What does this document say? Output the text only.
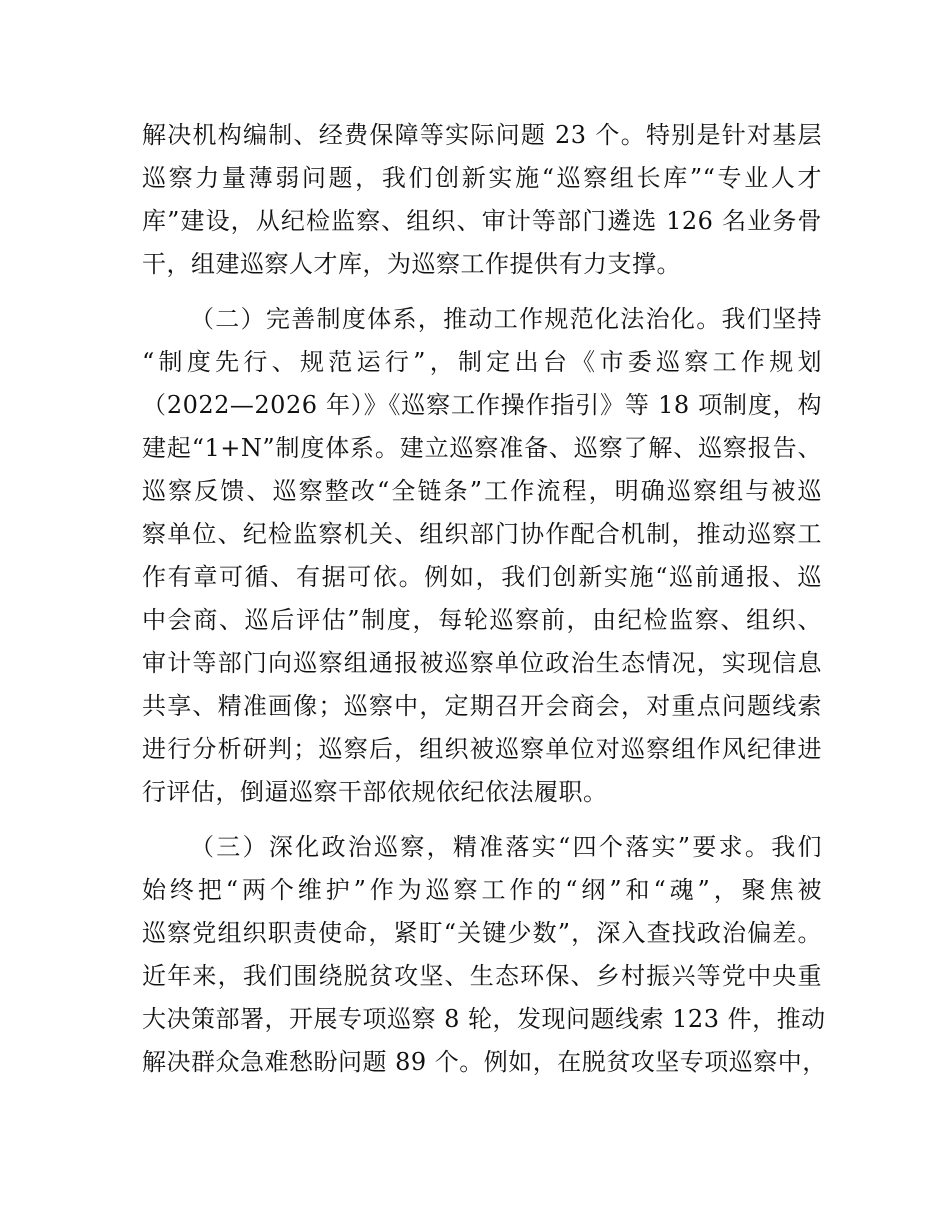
解决机构编制、经费保障等实际问题 23 个。特别是针对基层
巡察力量薄弱问题，我们创新实施“巡察组长库”“专业人才
库”建设，从纪检监察、组织、审计等部门遴选 126 名业务骨
干，组建巡察人才库，为巡察工作提供有力支撑。
（二）完善制度体系，推动工作规范化法治化。我们坚持
“制度先行、规范运行”，制定出台《市委巡察工作规划
（2022—2026 年）》《巡察工作操作指引》等 18 项制度，构
建起“1+N”制度体系。建立巡察准备、巡察了解、巡察报告、
巡察反馈、巡察整改“全链条”工作流程，明确巡察组与被巡
察单位、纪检监察机关、组织部门协作配合机制，推动巡察工
作有章可循、有据可依。例如，我们创新实施“巡前通报、巡
中会商、巡后评估”制度，每轮巡察前，由纪检监察、组织、
审计等部门向巡察组通报被巡察单位政治生态情况，实现信息
共享、精准画像；巡察中，定期召开会商会，对重点问题线索
进行分析研判；巡察后，组织被巡察单位对巡察组作风纪律进
行评估，倒逼巡察干部依规依纪依法履职。
（三）深化政治巡察，精准落实“四个落实”要求。我们
始终把“两个维护”作为巡察工作的“纲”和“魂”，聚焦被
巡察党组织职责使命，紧盯“关键少数”，深入查找政治偏差。
近年来，我们围绕脱贫攻坚、生态环保、乡村振兴等党中央重
大决策部署，开展专项巡察 8 轮，发现问题线索 123 件，推动
解决群众急难愁盼问题 89 个。例如，在脱贫攻坚专项巡察中，
